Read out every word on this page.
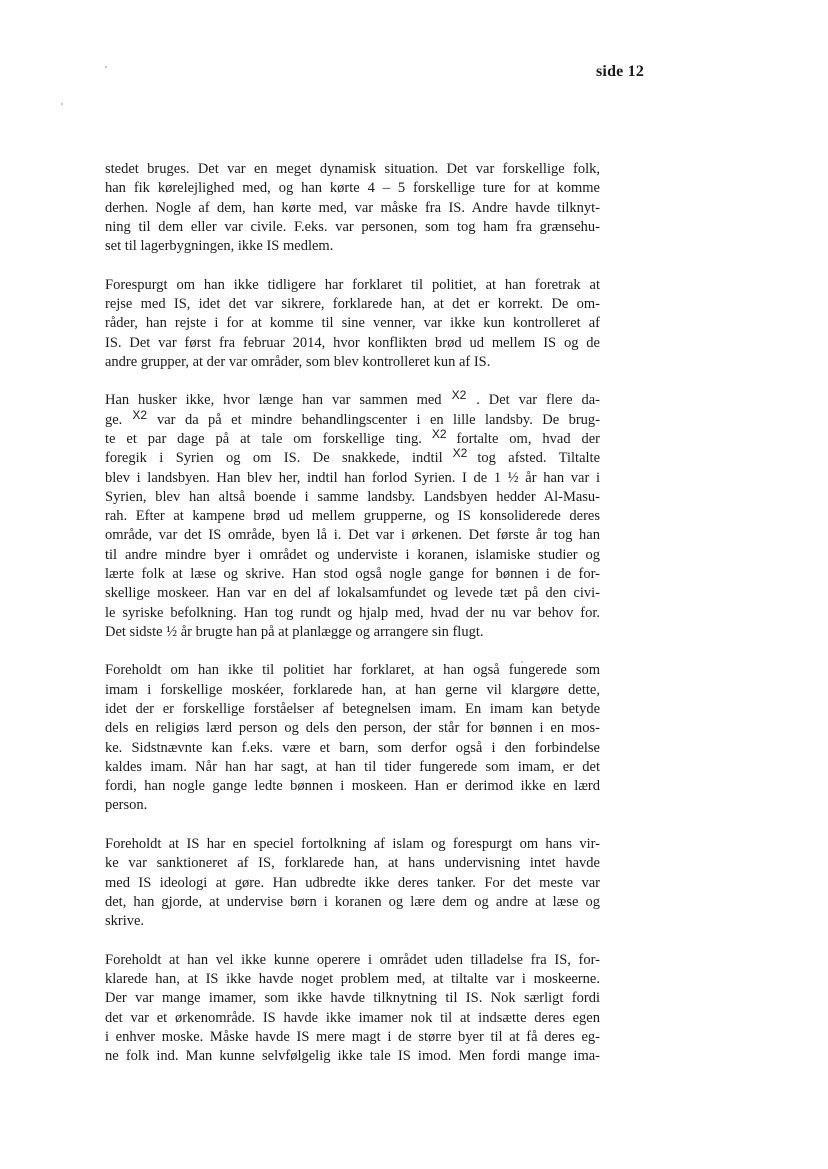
side 12
stedet bruges. Det var en meget dynamisk situation. Det var forskellige folk,
han fik kørelejlighed med, og han kørte 4 – 5 forskellige ture for at komme
derhen. Nogle af dem, han kørte med, var måske fra IS. Andre havde tilknyt-
ning til dem eller var civile. F.eks. var personen, som tog ham fra grænsehu-
set til lagerbygningen, ikke IS medlem.
Forespurgt om han ikke tidligere har forklaret til politiet, at han foretrak at
rejse med IS, idet det var sikrere, forklarede han, at det er korrekt. De om-
råder, han rejste i for at komme til sine venner, var ikke kun kontrolleret af
IS. Det var først fra februar 2014, hvor konflikten brød ud mellem IS og de
andre grupper, at der var områder, som blev kontrolleret kun af IS.
Han husker ikke, hvor længe han var sammen med X2 . Det var flere da-
ge. X2 var da på et mindre behandlingscenter i en lille landsby. De brug-
te et par dage på at tale om forskellige ting. X2 fortalte om, hvad der
foregik i Syrien og om IS. De snakkede, indtil X2 tog afsted. Tiltalte
blev i landsbyen. Han blev her, indtil han forlod Syrien. I de 1 ½ år han var i
Syrien, blev han altså boende i samme landsby. Landsbyen hedder Al-Masu-
rah. Efter at kampene brød ud mellem grupperne, og IS konsoliderede deres
område, var det IS område, byen lå i. Det var i ørkenen. Det første år tog han
til andre mindre byer i området og underviste i koranen, islamiske studier og
lærte folk at læse og skrive. Han stod også nogle gange for bønnen i de for-
skellige moskeer. Han var en del af lokalsamfundet og levede tæt på den civi-
le syriske befolkning. Han tog rundt og hjalp med, hvad der nu var behov for.
Det sidste ½ år brugte han på at planlægge og arrangere sin flugt.
Foreholdt om han ikke til politiet har forklaret, at han også fungerede som
imam i forskellige moskéer, forklarede han, at han gerne vil klargøre dette,
idet der er forskellige forståelser af betegnelsen imam. En imam kan betyde
dels en religiøs lærd person og dels den person, der står for bønnen i en mos-
ke. Sidstnævnte kan f.eks. være et barn, som derfor også i den forbindelse
kaldes imam. Når han har sagt, at han til tider fungerede som imam, er det
fordi, han nogle gange ledte bønnen i moskeen. Han er derimod ikke en lærd
person.
Foreholdt at IS har en speciel fortolkning af islam og forespurgt om hans vir-
ke var sanktioneret af IS, forklarede han, at hans undervisning intet havde
med IS ideologi at gøre. Han udbredte ikke deres tanker. For det meste var
det, han gjorde, at undervise børn i koranen og lære dem og andre at læse og
skrive.
Foreholdt at han vel ikke kunne operere i området uden tilladelse fra IS, for-
klarede han, at IS ikke havde noget problem med, at tiltalte var i moskeerne.
Der var mange imamer, som ikke havde tilknytning til IS. Nok særligt fordi
det var et ørkenområde. IS havde ikke imamer nok til at indsætte deres egen
i enhver moske. Måske havde IS mere magt i de større byer til at få deres eg-
ne folk ind. Man kunne selvfølgelig ikke tale IS imod. Men fordi mange ima-
